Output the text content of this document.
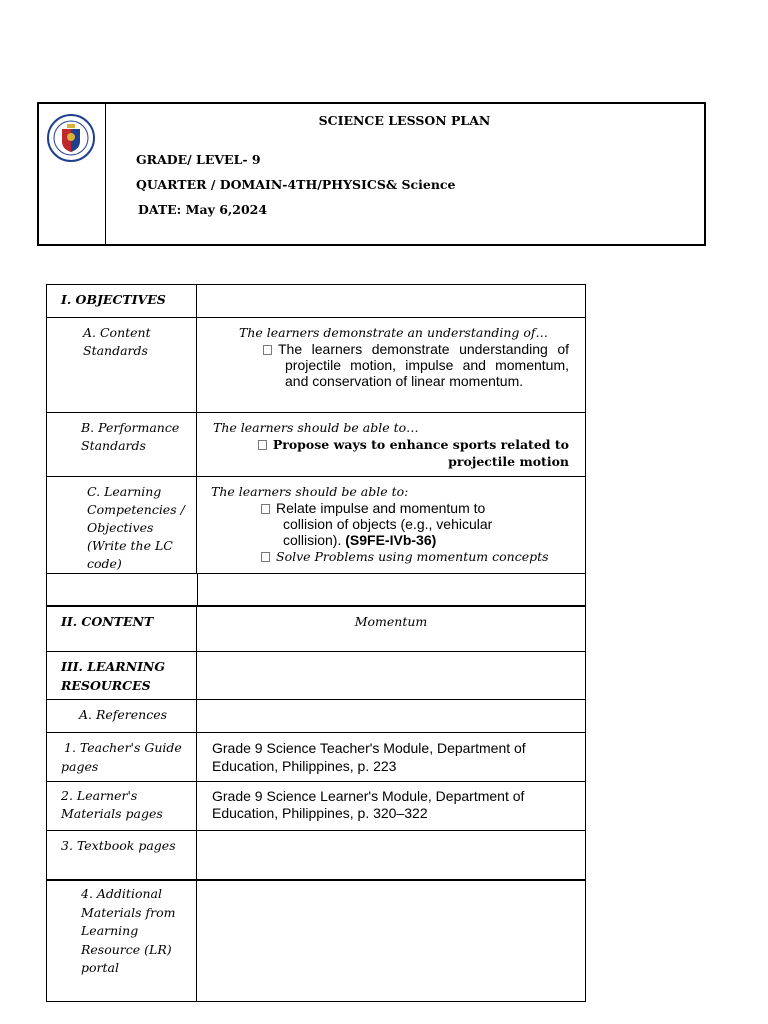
SCIENCE LESSON PLAN
GRADE/ LEVEL- 9
QUARTER / DOMAIN-4TH/PHYSICS& Science
DATE: May 6,2024
I. OBJECTIVES
A. Content Standards
The learners demonstrate an understanding of…
The learners demonstrate understanding of projectile motion, impulse and momentum, and conservation of linear momentum.
B. Performance Standards
The learners should be able to…
Propose ways to enhance sports related to projectile motion
C. Learning Competencies / Objectives (Write the LC code)
The learners should be able to:
Relate impulse and momentum to collision of objects (e.g., vehicular collision). (S9FE-IVb-36)
Solve Problems using momentum concepts
II. CONTENT	Momentum
III. LEARNING RESOURCES
A. References
1. Teacher's Guide pages
Grade 9 Science Teacher's Module, Department of Education, Philippines, p. 223
2. Learner's Materials pages
Grade 9 Science Learner's Module, Department of Education, Philippines, p. 320–322
3. Textbook pages
4. Additional Materials from Learning Resource (LR) portal
